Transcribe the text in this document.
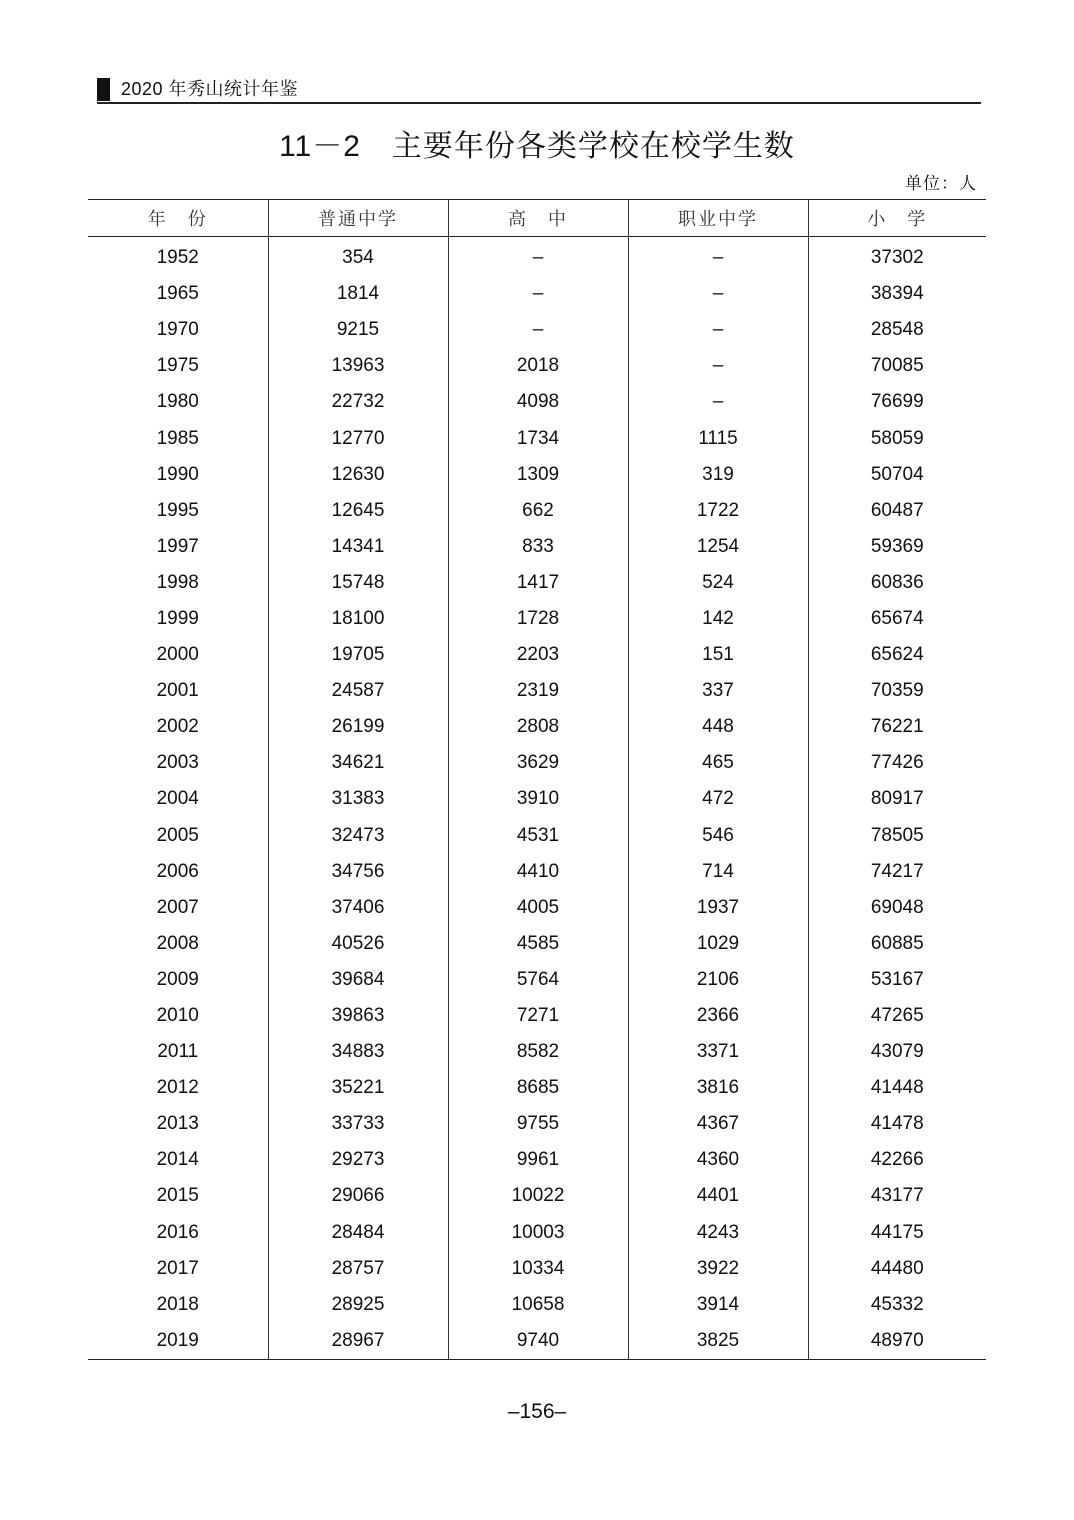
2020 年秀山统计年鉴
11－2　主要年份各类学校在校学生数
单位：人
年　份	普通中学	高　中	职业中学	小　学
1952	354	–	–	37302
1965	1814	–	–	38394
1970	9215	–	–	28548
1975	13963	2018	–	70085
1980	22732	4098	–	76699
1985	12770	1734	1115	58059
1990	12630	1309	319	50704
1995	12645	662	1722	60487
1997	14341	833	1254	59369
1998	15748	1417	524	60836
1999	18100	1728	142	65674
2000	19705	2203	151	65624
2001	24587	2319	337	70359
2002	26199	2808	448	76221
2003	34621	3629	465	77426
2004	31383	3910	472	80917
2005	32473	4531	546	78505
2006	34756	4410	714	74217
2007	37406	4005	1937	69048
2008	40526	4585	1029	60885
2009	39684	5764	2106	53167
2010	39863	7271	2366	47265
2011	34883	8582	3371	43079
2012	35221	8685	3816	41448
2013	33733	9755	4367	41478
2014	29273	9961	4360	42266
2015	29066	10022	4401	43177
2016	28484	10003	4243	44175
2017	28757	10334	3922	44480
2018	28925	10658	3914	45332
2019	28967	9740	3825	48970
–156–
